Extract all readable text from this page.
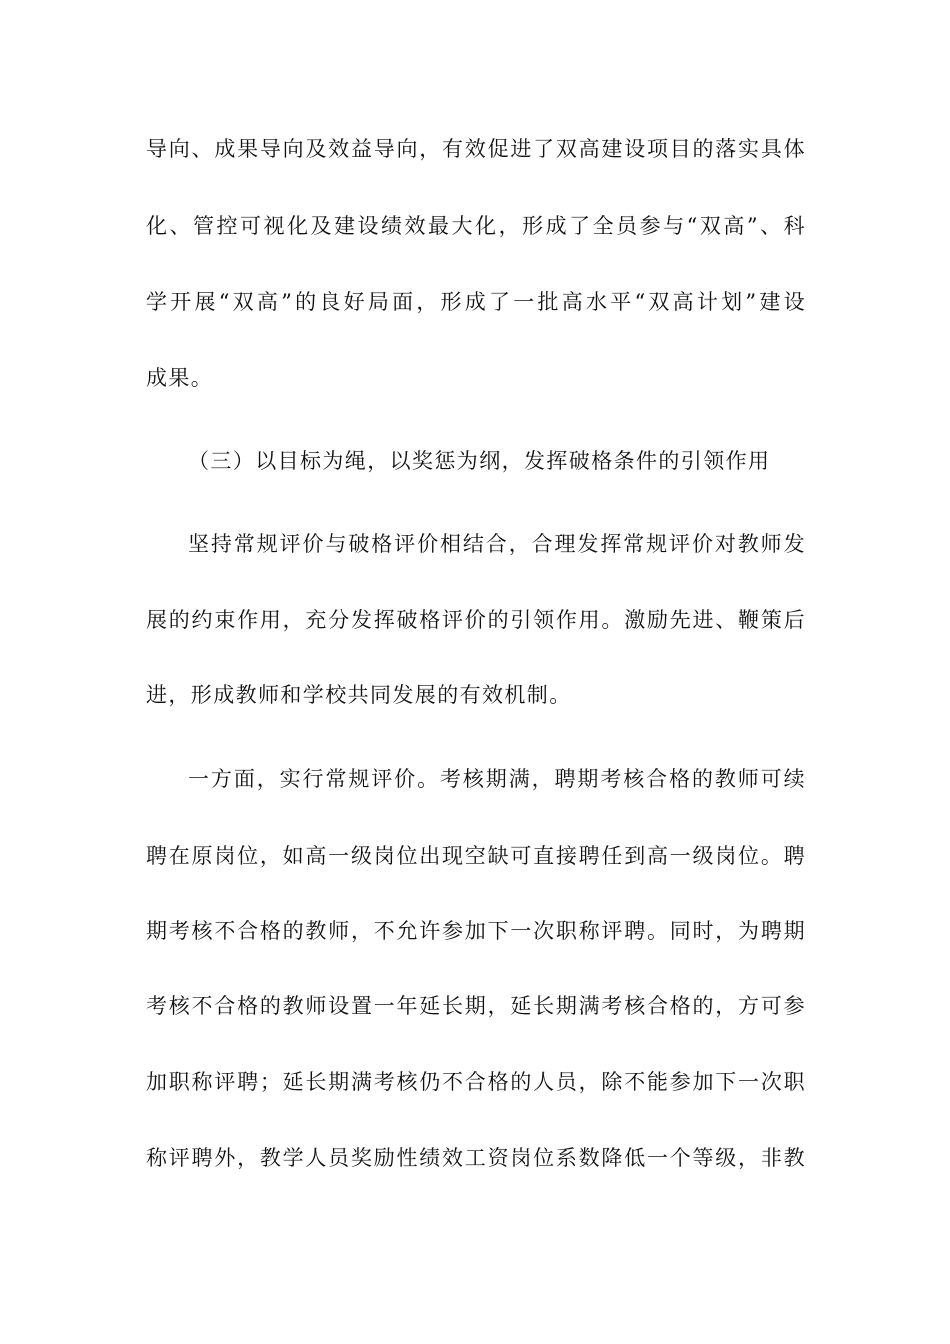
导向、成果导向及效益导向，有效促进了双高建设项目的落实具体
化、管控可视化及建设绩效最大化，形成了全员参与“双高”、科
学开展“双高”的良好局面，形成了一批高水平“双高计划”建设
成果。
（三）以目标为绳，以奖惩为纲，发挥破格条件的引领作用
坚持常规评价与破格评价相结合，合理发挥常规评价对教师发
展的约束作用，充分发挥破格评价的引领作用。激励先进、鞭策后
进，形成教师和学校共同发展的有效机制。
一方面，实行常规评价。考核期满，聘期考核合格的教师可续
聘在原岗位，如高一级岗位出现空缺可直接聘任到高一级岗位。聘
期考核不合格的教师，不允许参加下一次职称评聘。同时，为聘期
考核不合格的教师设置一年延长期，延长期满考核合格的，方可参
加职称评聘；延长期满考核仍不合格的人员，除不能参加下一次职
称评聘外，教学人员奖励性绩效工资岗位系数降低一个等级，非教
